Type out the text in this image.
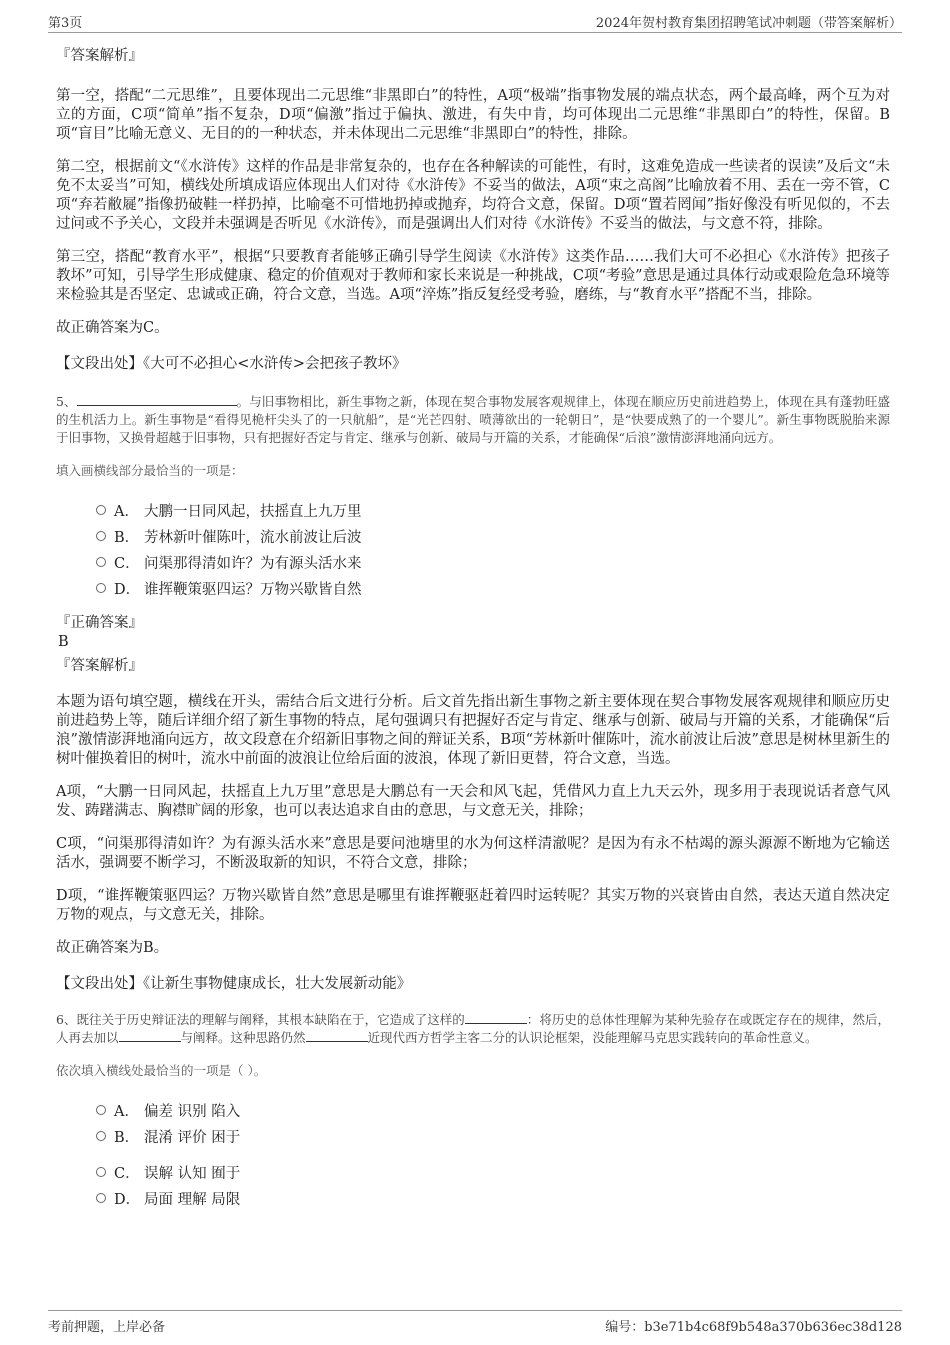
第3页	2024年贺村教育集团招聘笔试冲刺题（带答案解析）
『答案解析』

第一空，搭配“二元思维”，且要体现出二元思维“非黑即白”的特性，A项“极端”指事物发展的端点状态，两个最高峰，两个互为对立的方面，C项“简单”指不复杂，D项“偏激”指过于偏执、激进，有失中肯，均可体现出二元思维“非黑即白”的特性，保留。B项“盲目”比喻无意义、无目的的一种状态，并未体现出二元思维“非黑即白”的特性，排除。

第二空，根据前文“《水浒传》这样的作品是非常复杂的，也存在各种解读的可能性，有时，这难免造成一些读者的误读”及后文“未免不太妥当”可知，横线处所填成语应体现出人们对待《水浒传》不妥当的做法，A项“束之高阁”比喻放着不用、丢在一旁不管，C项“弃若敝屣”指像扔破鞋一样扔掉，比喻毫不可惜地扔掉或抛弃，均符合文意，保留。D项“置若罔闻”指好像没有听见似的，不去过问或不予关心，文段并未强调是否听见《水浒传》，而是强调出人们对待《水浒传》不妥当的做法，与文意不符，排除。

第三空，搭配“教育水平”，根据“只要教育者能够正确引导学生阅读《水浒传》这类作品……我们大可不必担心《水浒传》把孩子教坏”可知，引导学生形成健康、稳定的价值观对于教师和家长来说是一种挑战，C项“考验”意思是通过具体行动或艰险危急环境等来检验其是否坚定、忠诚或正确，符合文意，当选。A项“淬炼”指反复经受考验，磨练，与“教育水平”搭配不当，排除。

故正确答案为C。

【文段出处】《大可不必担心<水浒传>会把孩子教坏》

5、	。与旧事物相比，新生事物之新，体现在契合事物发展客观规律上，体现在顺应历史前进趋势上，体现在具有蓬勃旺盛的生机活力上。新生事物是“看得见桅杆尖头了的一只航船”，是“光芒四射、喷薄欲出的一轮朝日”，是“快要成熟了的一个婴儿”。新生事物既脱胎来源于旧事物，又换骨超越于旧事物，只有把握好否定与肯定、继承与创新、破局与开篇的关系，才能确保“后浪”激情澎湃地涌向远方。

填入画横线部分最恰当的一项是：
A． 大鹏一日同风起，扶摇直上九万里
B． 芳林新叶催陈叶，流水前波让后波
C． 问渠那得清如许？为有源头活水来
D． 谁挥鞭策驱四运？万物兴歇皆自然
『正确答案』
B
『答案解析』

本题为语句填空题，横线在开头，需结合后文进行分析。后文首先指出新生事物之新主要体现在契合事物发展客观规律和顺应历史前进趋势上等，随后详细介绍了新生事物的特点，尾句强调只有把握好否定与肯定、继承与创新、破局与开篇的关系，才能确保“后浪”激情澎湃地涌向远方，故文段意在介绍新旧事物之间的辩证关系，B项“芳林新叶催陈叶，流水前波让后波”意思是树林里新生的树叶催换着旧的树叶，流水中前面的波浪让位给后面的波浪，体现了新旧更替，符合文意，当选。

A项，“大鹏一日同风起，扶摇直上九万里”意思是大鹏总有一天会和风飞起，凭借风力直上九天云外，现多用于表现说话者意气风发、踌躇满志、胸襟旷阔的形象，也可以表达追求自由的意思，与文意无关，排除；

C项，“问渠那得清如许？为有源头活水来”意思是要问池塘里的水为何这样清澈呢？是因为有永不枯竭的源头源源不断地为它输送活水，强调要不断学习，不断汲取新的知识，不符合文意，排除；

D项，“谁挥鞭策驱四运？万物兴歇皆自然”意思是哪里有谁挥鞭驱赶着四时运转呢？其实万物的兴衰皆由自然，表达天道自然决定万物的观点，与文意无关，排除。

故正确答案为B。

【文段出处】《让新生事物健康成长，壮大发展新动能》

6、既往关于历史辩证法的理解与阐释，其根本缺陷在于，它造成了这样的	：将历史的总体性理解为某种先验存在或既定存在的规律，然后，人再去加以	与阐释。这种思路仍然	近现代西方哲学主客二分的认识论框架，没能理解马克思实践转向的革命性意义。

依次填入横线处最恰当的一项是（ ）。
A． 偏差 识别 陷入
B． 混淆 评价 困于
C． 误解 认知 囿于
D． 局面 理解 局限
考前押题，上岸必备	编号：b3e71b4c68f9b548a370b636ec38d128
